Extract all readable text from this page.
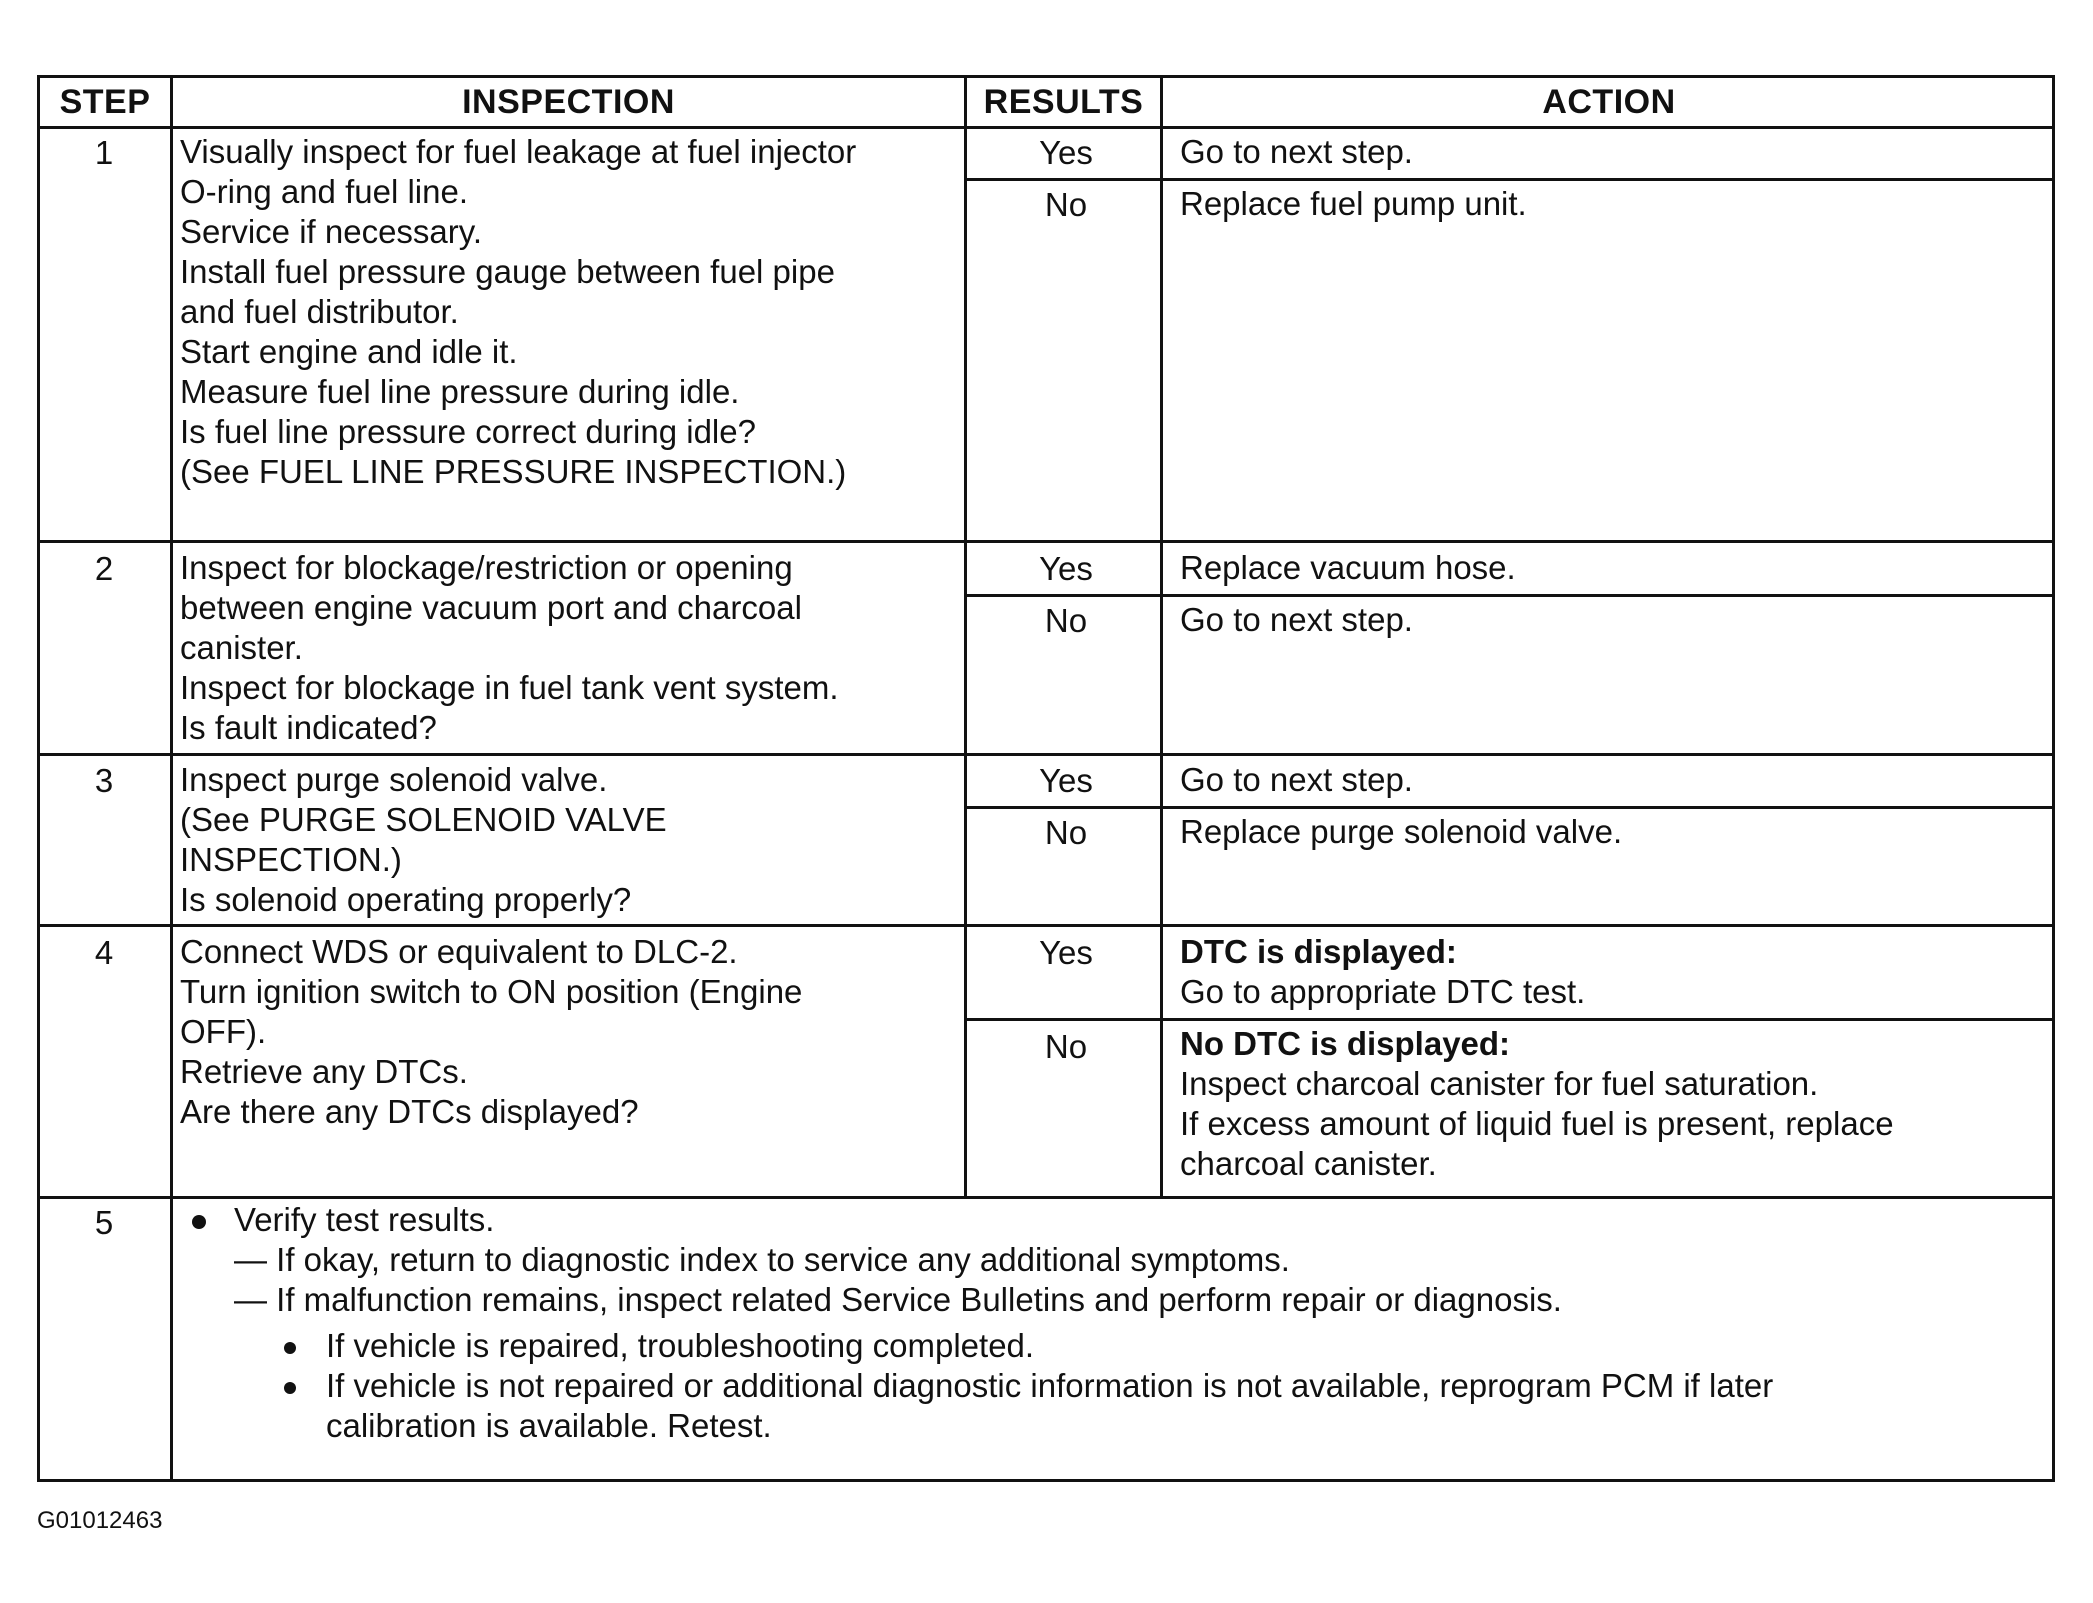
STEP	INSPECTION	RESULTS	ACTION
1	Visually inspect for fuel leakage at fuel injector
O-ring and fuel line.
Service if necessary.
Install fuel pressure gauge between fuel pipe
and fuel distributor.
Start engine and idle it.
Measure fuel line pressure during idle.
Is fuel line pressure correct during idle?
(See FUEL LINE PRESSURE INSPECTION.)
Yes	Go to next step.
No	Replace fuel pump unit.
2	Inspect for blockage/restriction or opening
between engine vacuum port and charcoal
canister.
Inspect for blockage in fuel tank vent system.
Is fault indicated?
Yes	Replace vacuum hose.
No	Go to next step.
3	Inspect purge solenoid valve.
(See PURGE SOLENOID VALVE
INSPECTION.)
Is solenoid operating properly?
Yes	Go to next step.
No	Replace purge solenoid valve.
4	Connect WDS or equivalent to DLC-2.
Turn ignition switch to ON position (Engine
OFF).
Retrieve any DTCs.
Are there any DTCs displayed?
Yes	DTC is displayed:
Go to appropriate DTC test.
No	No DTC is displayed:
Inspect charcoal canister for fuel saturation.
If excess amount of liquid fuel is present, replace
charcoal canister.
5	Verify test results.
— If okay, return to diagnostic index to service any additional symptoms.
— If malfunction remains, inspect related Service Bulletins and perform repair or diagnosis.
If vehicle is repaired, troubleshooting completed.
If vehicle is not repaired or additional diagnostic information is not available, reprogram PCM if later
calibration is available. Retest.
G01012463
